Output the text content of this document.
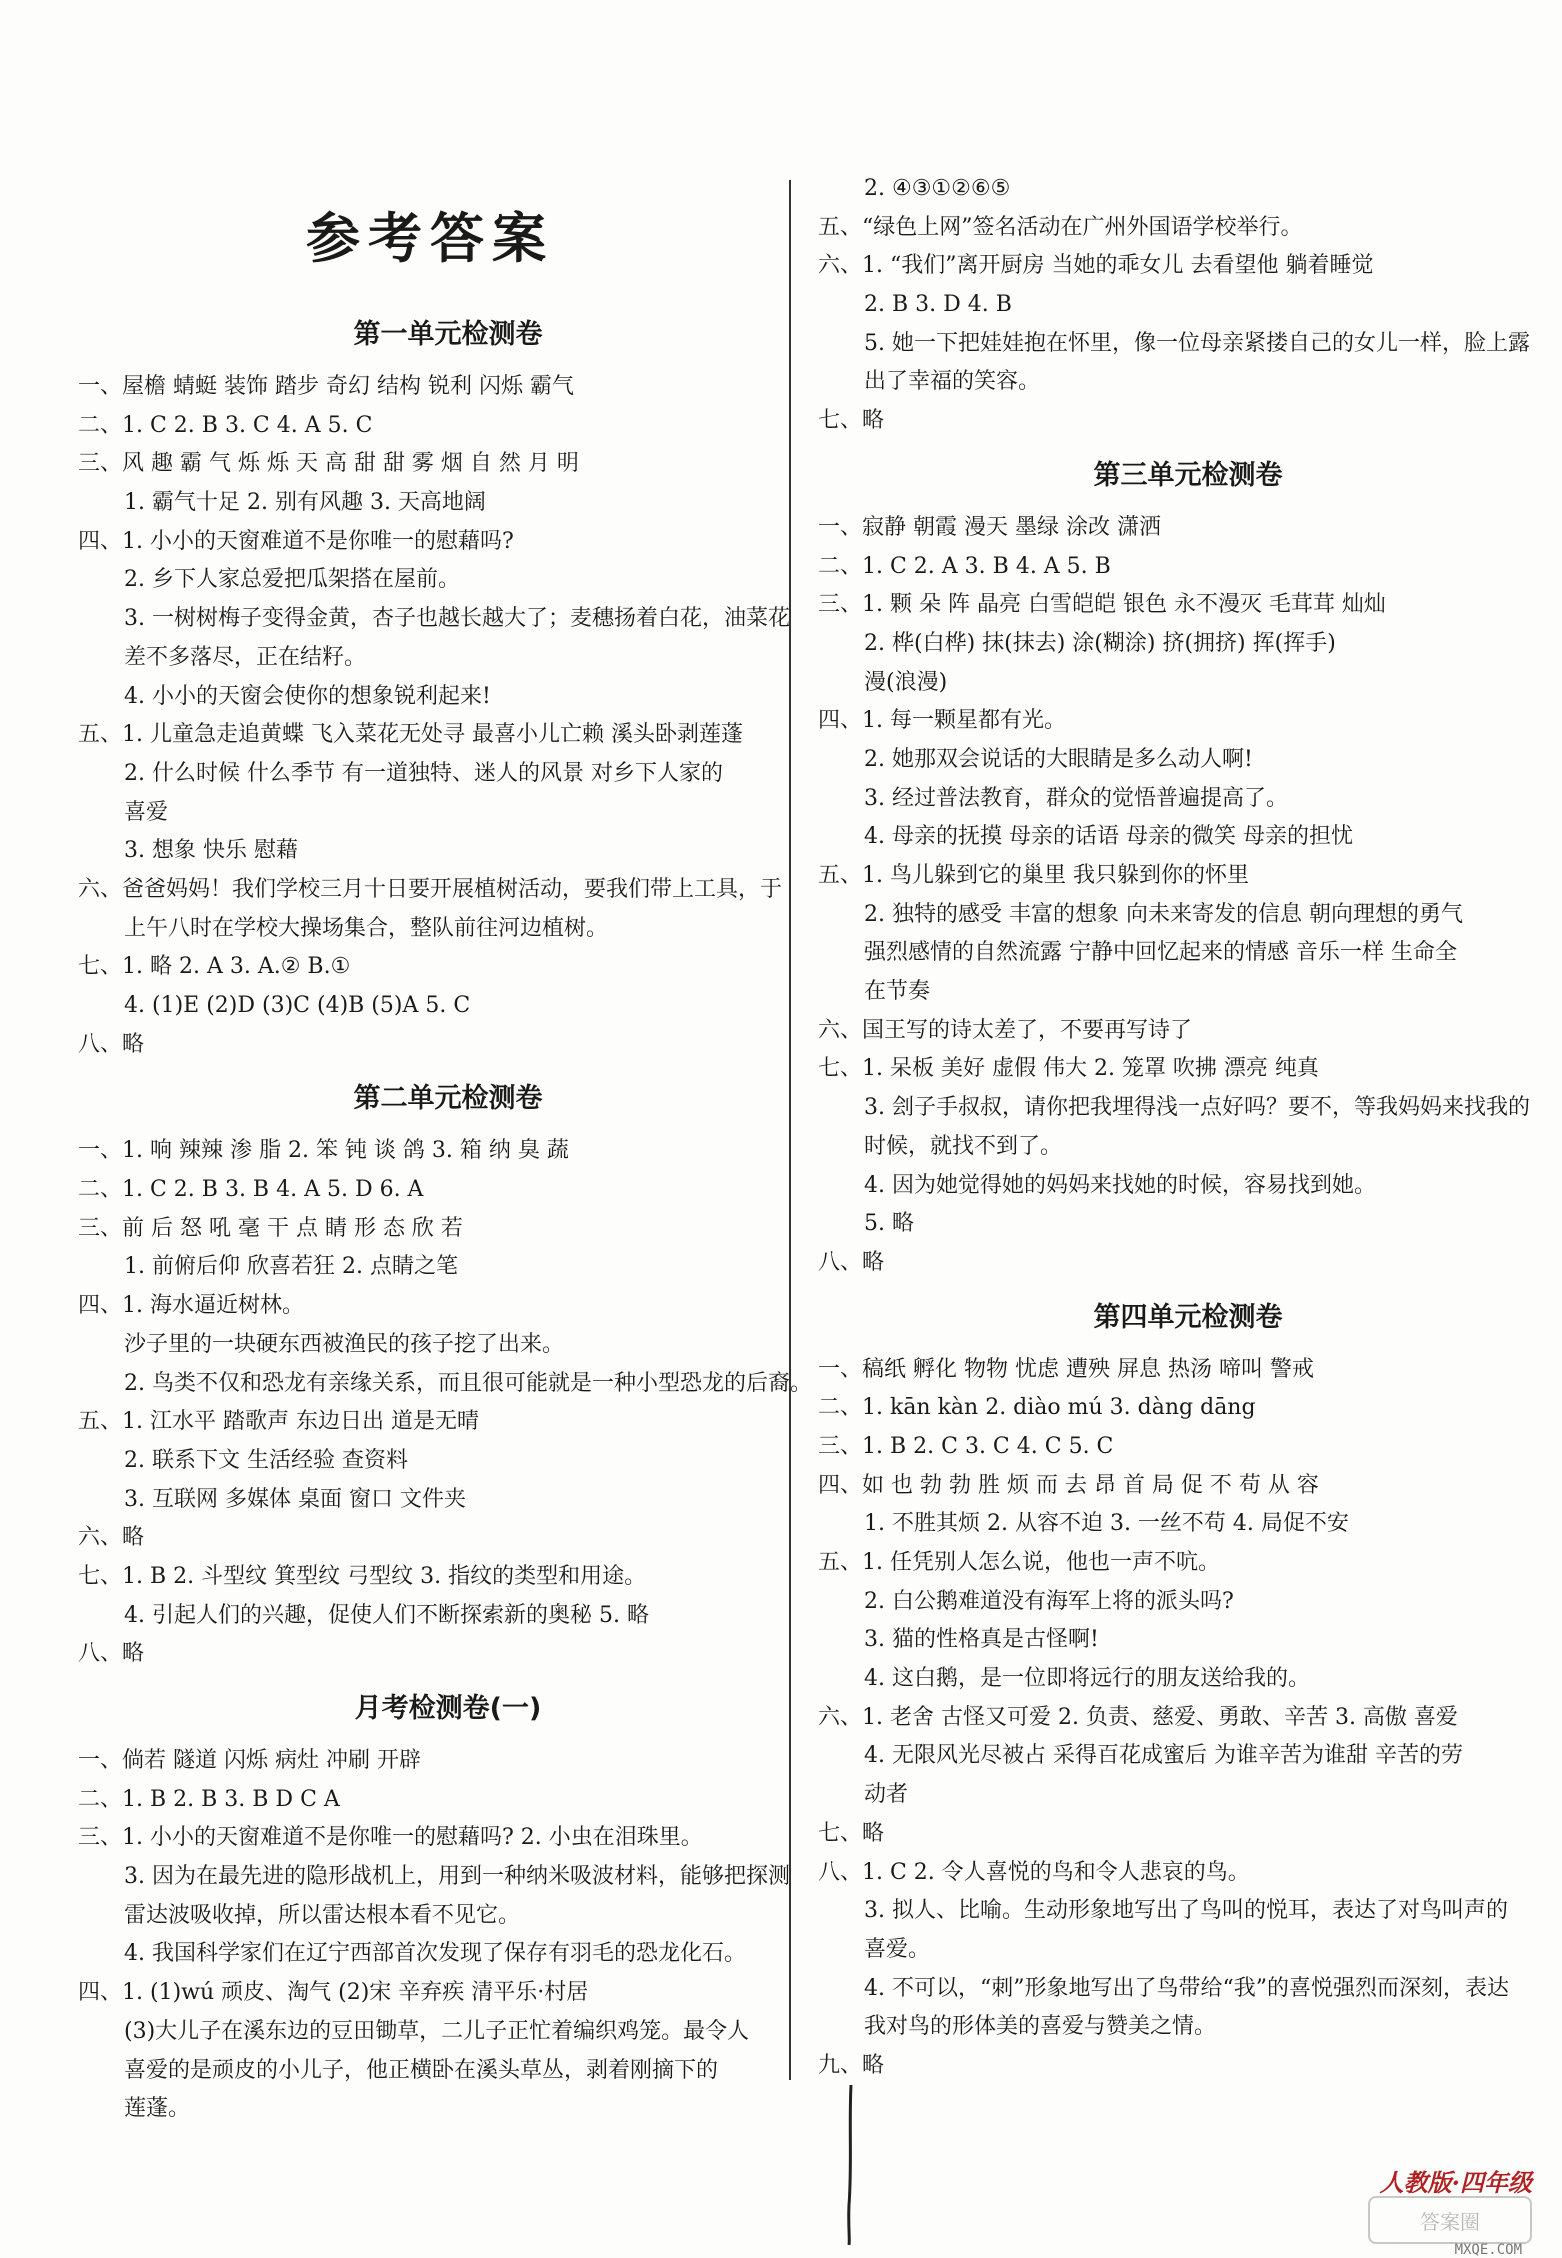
参考答案
第一单元检测卷
一、屋檐 蜻蜓 装饰 踏步 奇幻 结构 锐利 闪烁 霸气
二、1. C 2. B 3. C 4. A 5. C
三、风 趣 霸 气 烁 烁 天 高 甜 甜 雾 烟 自 然 月 明
1. 霸气十足 2. 别有风趣 3. 天高地阔
四、1. 小小的天窗难道不是你唯一的慰藉吗?
2. 乡下人家总爱把瓜架搭在屋前。
3. 一树树梅子变得金黄，杏子也越长越大了；麦穗扬着白花，油菜花
差不多落尽，正在结籽。
4. 小小的天窗会使你的想象锐利起来!
五、1. 儿童急走追黄蝶 飞入菜花无处寻 最喜小儿亡赖 溪头卧剥莲蓬
2. 什么时候 什么季节 有一道独特、迷人的风景 对乡下人家的
喜爱
3. 想象 快乐 慰藉
六、爸爸妈妈！我们学校三月十日要开展植树活动，要我们带上工具，于
上午八时在学校大操场集合，整队前往河边植树。
七、1. 略 2. A 3. A.② B.①
4. (1)E (2)D (3)C (4)B (5)A 5. C
八、略
第二单元检测卷
一、1. 响 辣辣 渗 脂 2. 笨 钝 谈 鸽 3. 箱 纳 臭 蔬
二、1. C 2. B 3. B 4. A 5. D 6. A
三、前 后 怒 吼 毫 干 点 睛 形 态 欣 若
1. 前俯后仰 欣喜若狂 2. 点睛之笔
四、1. 海水逼近树林。
沙子里的一块硬东西被渔民的孩子挖了出来。
2. 鸟类不仅和恐龙有亲缘关系，而且很可能就是一种小型恐龙的后裔。
五、1. 江水平 踏歌声 东边日出 道是无晴
2. 联系下文 生活经验 查资料
3. 互联网 多媒体 桌面 窗口 文件夹
六、略
七、1. B 2. 斗型纹 箕型纹 弓型纹 3. 指纹的类型和用途。
4. 引起人们的兴趣，促使人们不断探索新的奥秘 5. 略
八、略
月考检测卷(一)
一、倘若 隧道 闪烁 病灶 冲刷 开辟
二、1. B 2. B 3. B D C A
三、1. 小小的天窗难道不是你唯一的慰藉吗? 2. 小虫在泪珠里。
3. 因为在最先进的隐形战机上，用到一种纳米吸波材料，能够把探测
雷达波吸收掉，所以雷达根本看不见它。
4. 我国科学家们在辽宁西部首次发现了保存有羽毛的恐龙化石。
四、1. (1)wú 顽皮、淘气 (2)宋 辛弃疾 清平乐·村居
(3)大儿子在溪东边的豆田锄草，二儿子正忙着编织鸡笼。最令人
喜爱的是顽皮的小儿子，他正横卧在溪头草丛，剥着刚摘下的
莲蓬。
2. ④③①②⑥⑤
五、“绿色上网”签名活动在广州外国语学校举行。
六、1. “我们”离开厨房 当她的乖女儿 去看望他 躺着睡觉
2. B 3. D 4. B
5. 她一下把娃娃抱在怀里，像一位母亲紧搂自己的女儿一样，脸上露
出了幸福的笑容。
七、略
第三单元检测卷
一、寂静 朝霞 漫天 墨绿 涂改 潇洒
二、1. C 2. A 3. B 4. A 5. B
三、1. 颗 朵 阵 晶亮 白雪皑皑 银色 永不漫灭 毛茸茸 灿灿
2. 桦(白桦) 抹(抹去) 涂(糊涂) 挤(拥挤) 挥(挥手)
漫(浪漫)
四、1. 每一颗星都有光。
2. 她那双会说话的大眼睛是多么动人啊!
3. 经过普法教育，群众的觉悟普遍提高了。
4. 母亲的抚摸 母亲的话语 母亲的微笑 母亲的担忧
五、1. 鸟儿躲到它的巢里 我只躲到你的怀里
2. 独特的感受 丰富的想象 向未来寄发的信息 朝向理想的勇气
强烈感情的自然流露 宁静中回忆起来的情感 音乐一样 生命全
在节奏
六、国王写的诗太差了，不要再写诗了
七、1. 呆板 美好 虚假 伟大 2. 笼罩 吹拂 漂亮 纯真
3. 刽子手叔叔，请你把我埋得浅一点好吗？要不，等我妈妈来找我的
时候，就找不到了。
4. 因为她觉得她的妈妈来找她的时候，容易找到她。
5. 略
八、略
第四单元检测卷
一、稿纸 孵化 物物 忧虑 遭殃 屏息 热汤 啼叫 警戒
二、1. kān kàn 2. diào mú 3. dàng dāng
三、1. B 2. C 3. C 4. C 5. C
四、如 也 勃 勃 胜 烦 而 去 昂 首 局 促 不 苟 从 容
1. 不胜其烦 2. 从容不迫 3. 一丝不苟 4. 局促不安
五、1. 任凭别人怎么说，他也一声不吭。
2. 白公鹅难道没有海军上将的派头吗?
3. 猫的性格真是古怪啊!
4. 这白鹅，是一位即将远行的朋友送给我的。
六、1. 老舍 古怪又可爱 2. 负责、慈爱、勇敢、辛苦 3. 高傲 喜爱
4. 无限风光尽被占 采得百花成蜜后 为谁辛苦为谁甜 辛苦的劳
动者
七、略
八、1. C 2. 令人喜悦的鸟和令人悲哀的鸟。
3. 拟人、比喻。生动形象地写出了鸟叫的悦耳，表达了对鸟叫声的
喜爱。
4. 不可以，“刺”形象地写出了鸟带给“我”的喜悦强烈而深刻，表达
我对鸟的形体美的喜爱与赞美之情。
九、略
人教版·四年级
答案圈
MXQE.COM
